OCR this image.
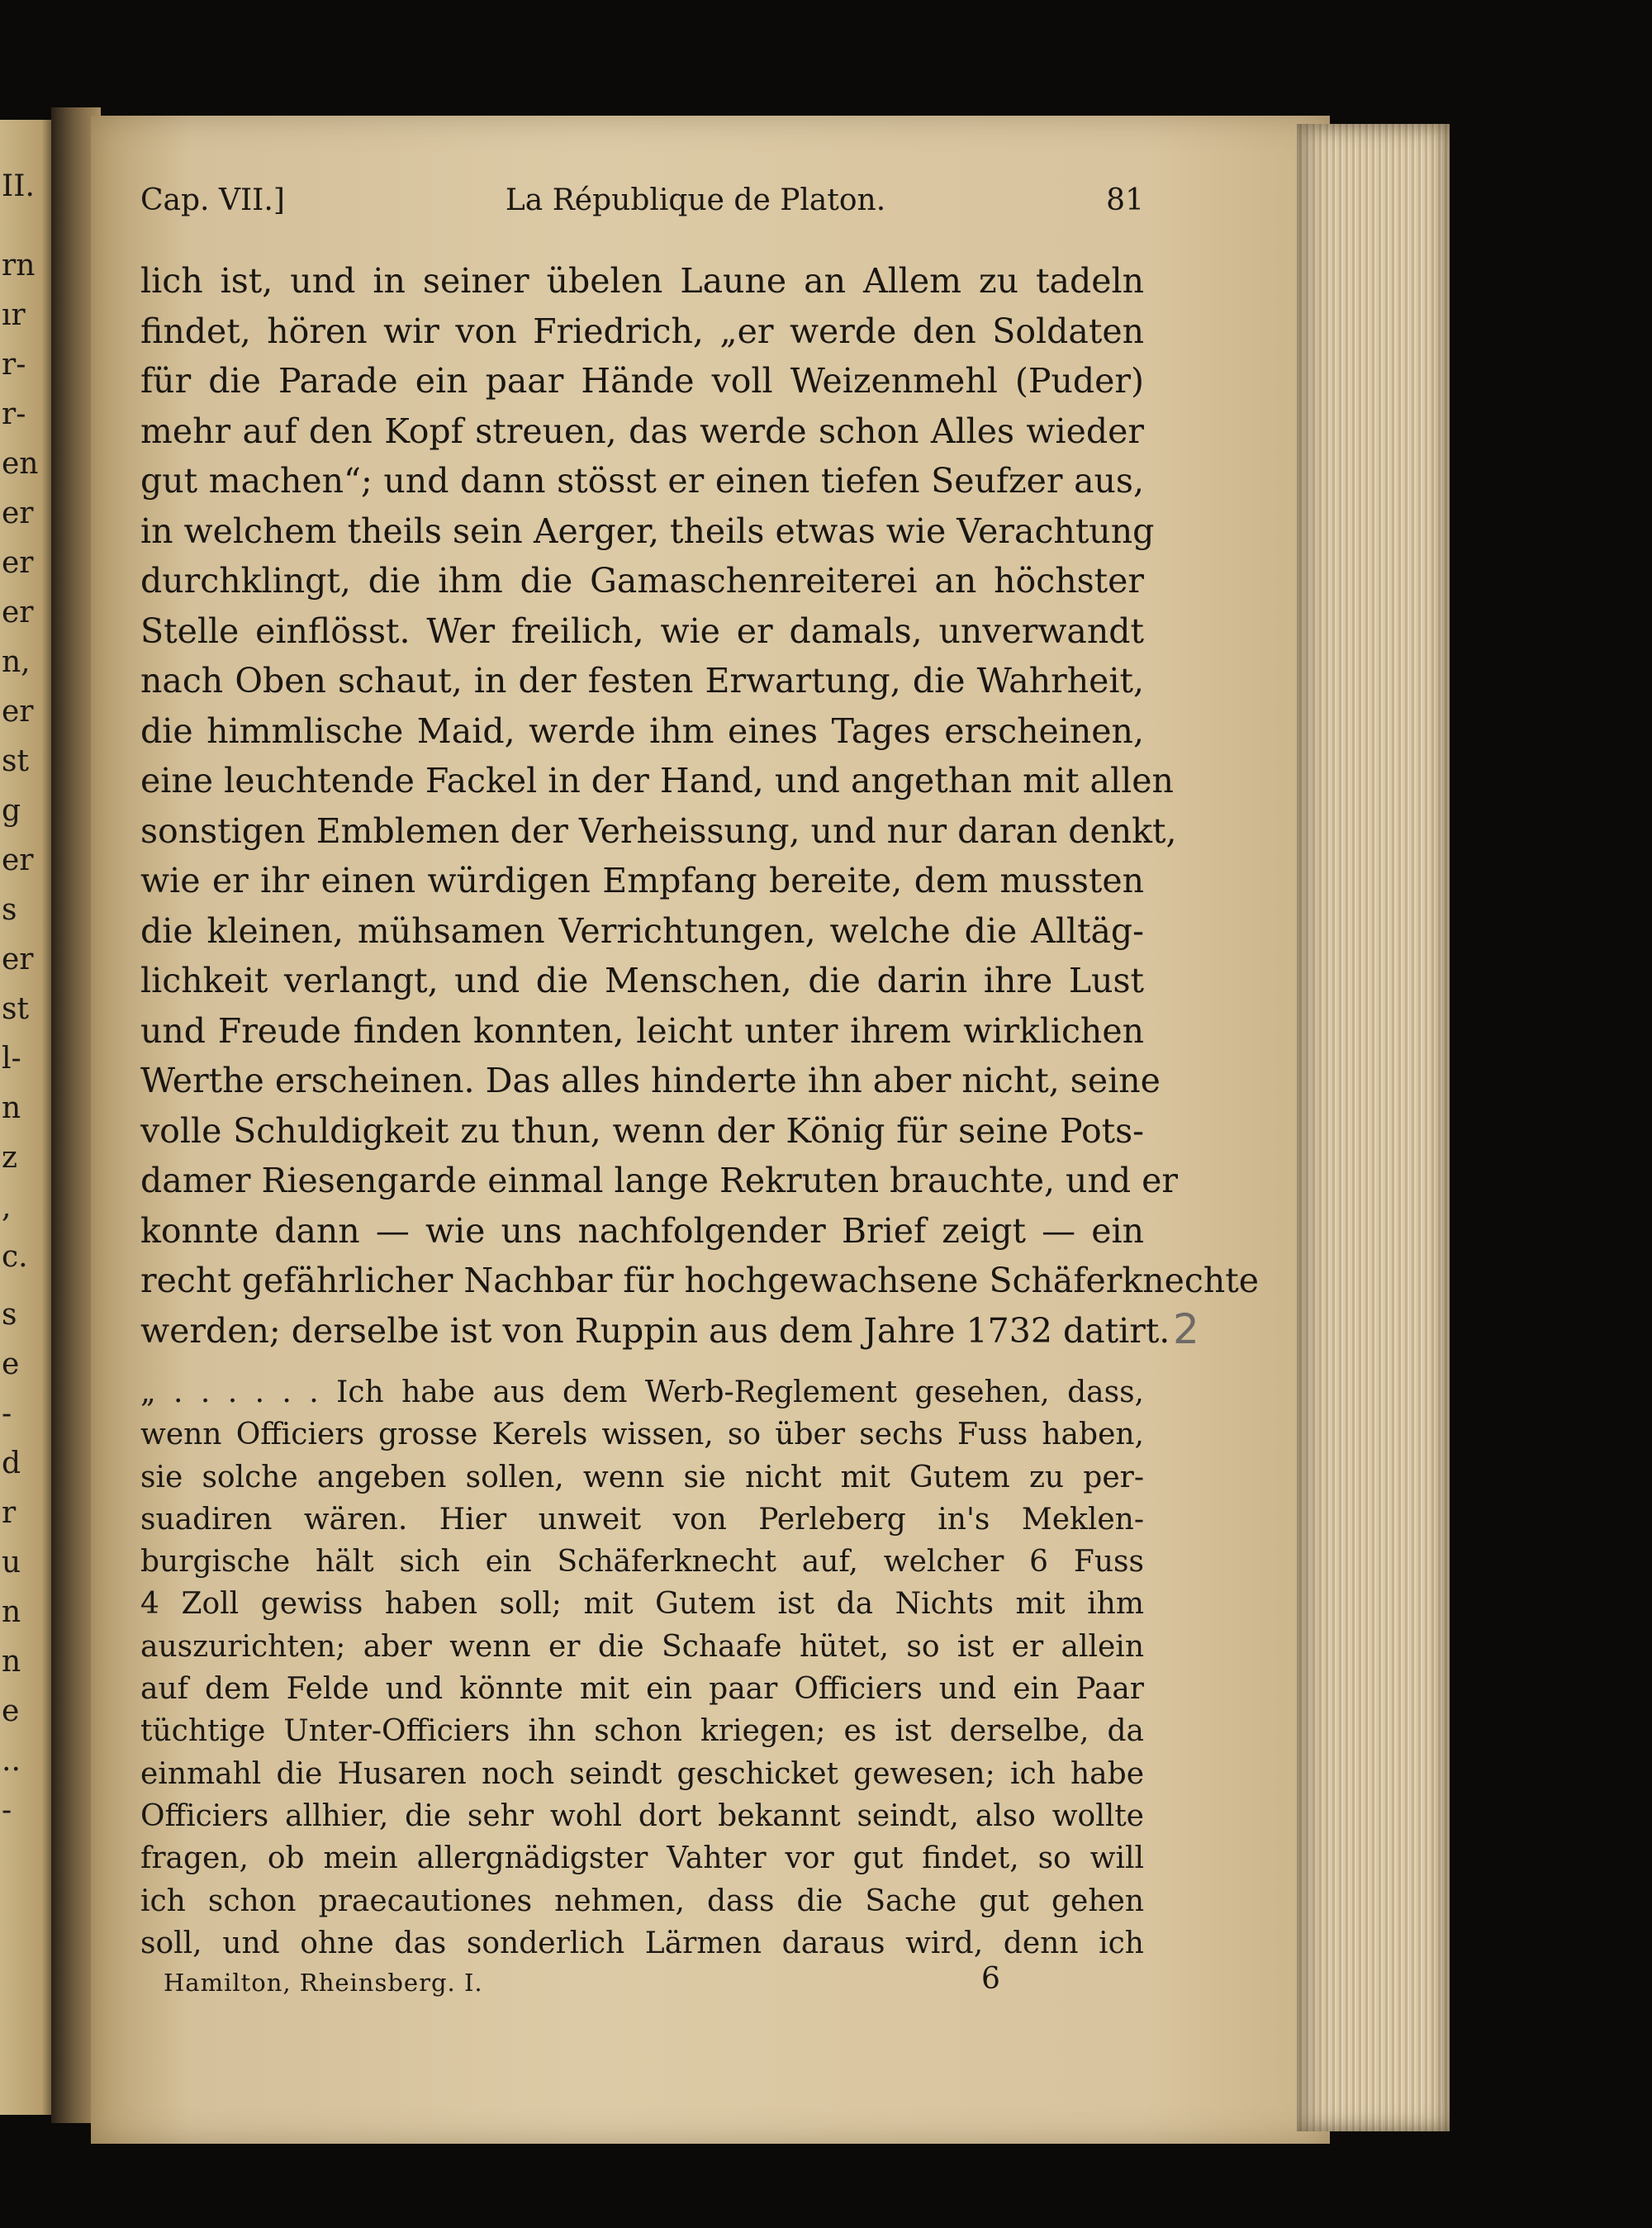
II.
rn
ır
r-
r-
en
er
er
er
n,
er
st
g
er
s
er
st
l-
n
z
,
c.
s
e
-
d
r
u
n
n
e
..
-
Cap. VII.]	La République de Platon.	81
lich ist, und in seiner übelen Laune an Allem zu tadeln
findet, hören wir von Friedrich, „er werde den Soldaten
für die Parade ein paar Hände voll Weizenmehl (Puder)
mehr auf den Kopf streuen, das werde schon Alles wieder
gut machen“; und dann stösst er einen tiefen Seufzer aus,
in welchem theils sein Aerger, theils etwas wie Verachtung
durchklingt, die ihm die Gamaschenreiterei an höchster
Stelle einflösst. Wer freilich, wie er damals, unverwandt
nach Oben schaut, in der festen Erwartung, die Wahrheit,
die himmlische Maid, werde ihm eines Tages erscheinen,
eine leuchtende Fackel in der Hand, und angethan mit allen
sonstigen Emblemen der Verheissung, und nur daran denkt,
wie er ihr einen würdigen Empfang bereite, dem mussten
die kleinen, mühsamen Verrichtungen, welche die Alltäg-
lichkeit verlangt, und die Menschen, die darin ihre Lust
und Freude finden konnten, leicht unter ihrem wirklichen
Werthe erscheinen. Das alles hinderte ihn aber nicht, seine
volle Schuldigkeit zu thun, wenn der König für seine Pots-
damer Riesengarde einmal lange Rekruten brauchte, und er
konnte dann — wie uns nachfolgender Brief zeigt — ein
recht gefährlicher Nachbar für hochgewachsene Schäferknechte
werden; derselbe ist von Ruppin aus dem Jahre 1732 datirt. 2
„ . . . . . . Ich habe aus dem Werb-Reglement gesehen, dass,
wenn Officiers grosse Kerels wissen, so über sechs Fuss haben,
sie solche angeben sollen, wenn sie nicht mit Gutem zu per-
suadiren wären. Hier unweit von Perleberg in's Meklen-
burgische hält sich ein Schäferknecht auf, welcher 6 Fuss
4 Zoll gewiss haben soll; mit Gutem ist da Nichts mit ihm
auszurichten; aber wenn er die Schaafe hütet, so ist er allein
auf dem Felde und könnte mit ein paar Officiers und ein Paar
tüchtige Unter-Officiers ihn schon kriegen; es ist derselbe, da
einmahl die Husaren noch seindt geschicket gewesen; ich habe
Officiers allhier, die sehr wohl dort bekannt seindt, also wollte
fragen, ob mein allergnädigster Vahter vor gut findet, so will
ich schon praecautiones nehmen, dass die Sache gut gehen
soll, und ohne das sonderlich Lärmen daraus wird, denn ich
Hamilton, Rheinsberg. I.	6
